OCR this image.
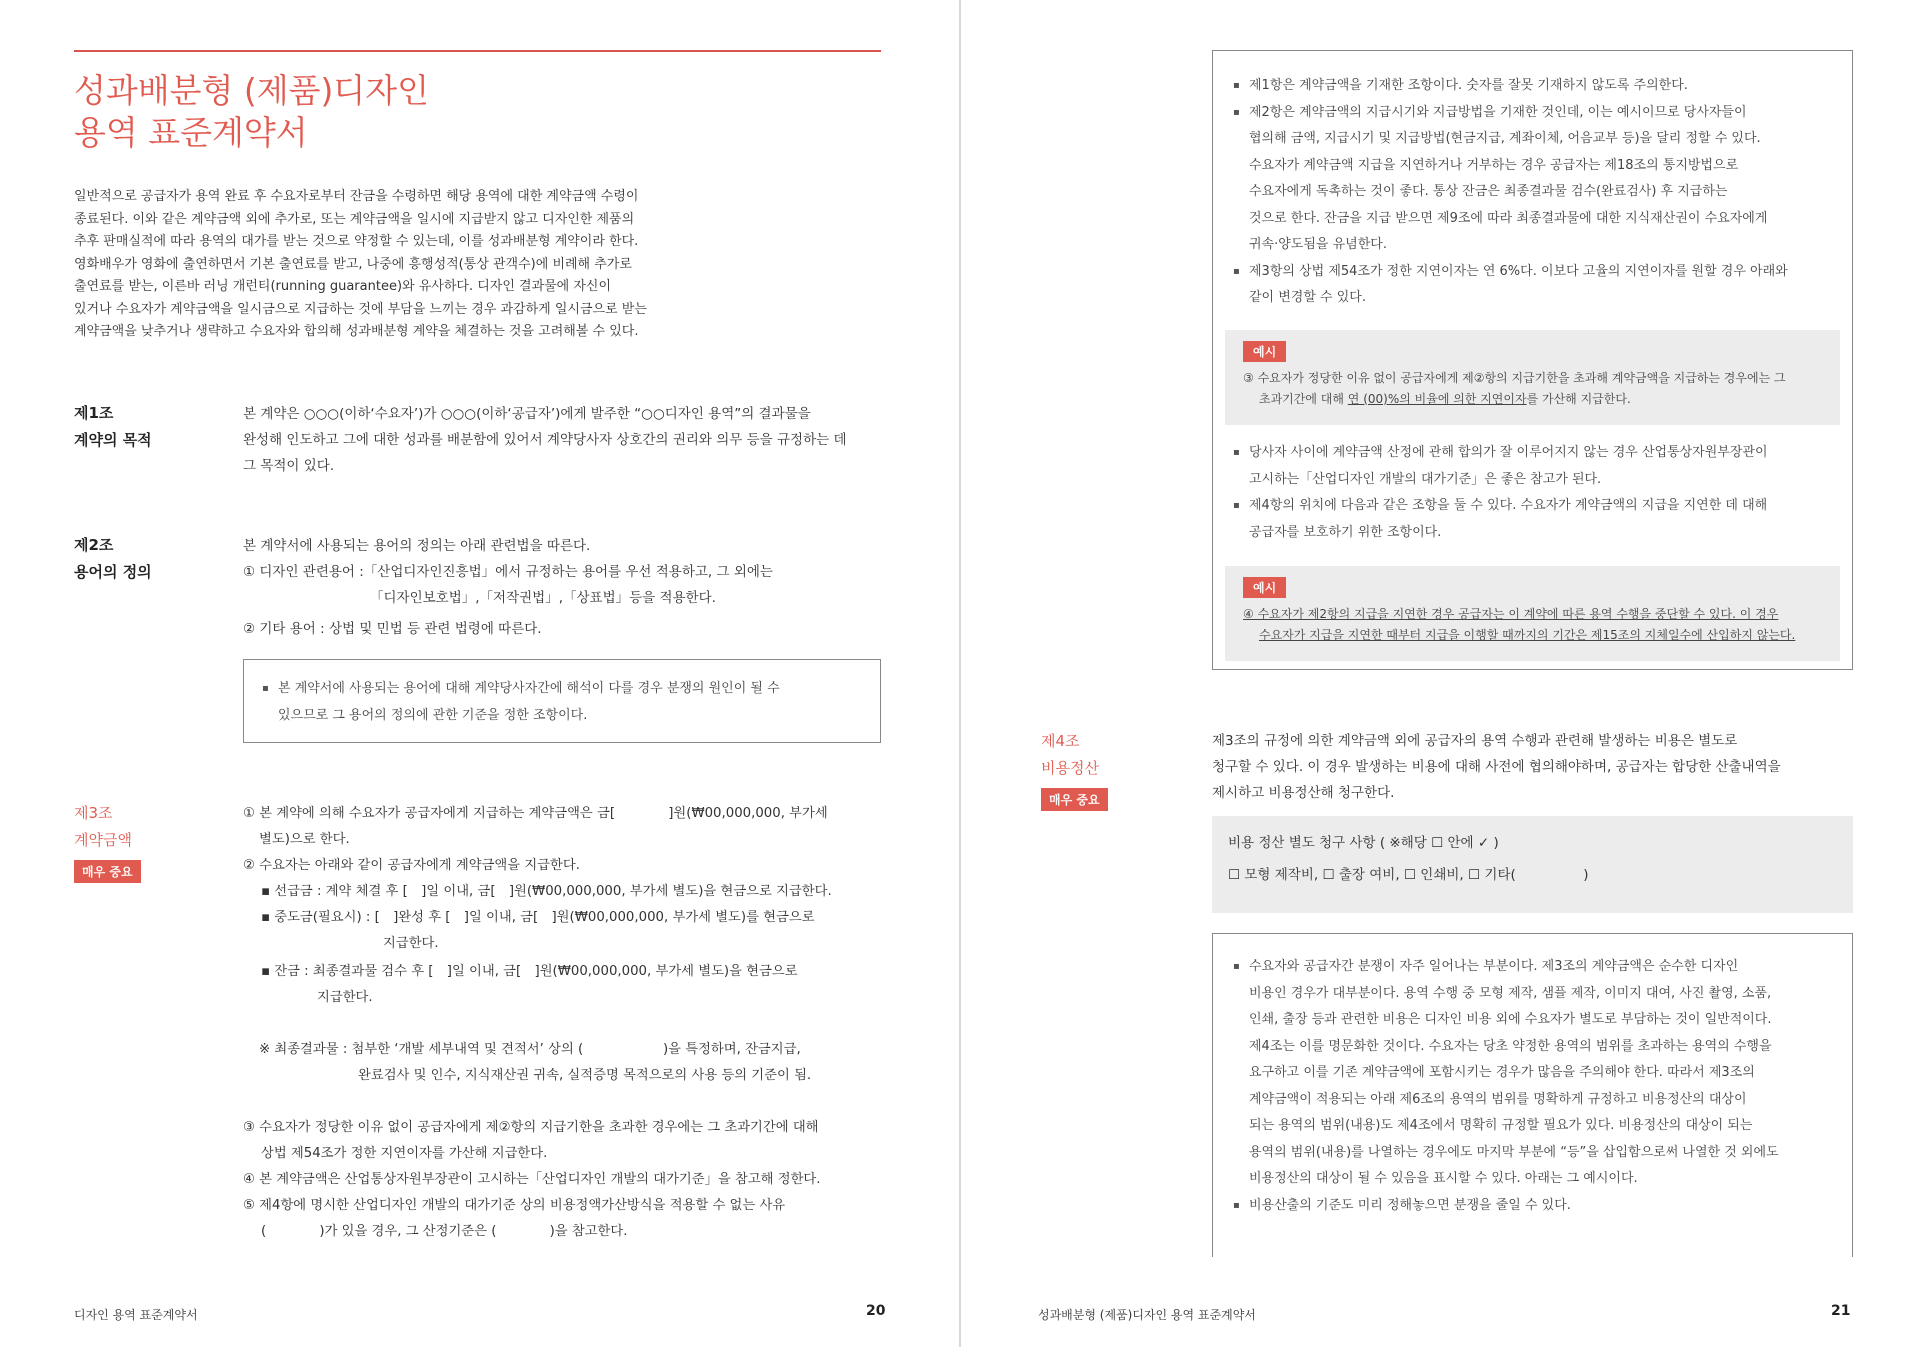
성과배분형 (제품)디자인
용역 표준계약서
일반적으로 공급자가 용역 완료 후 수요자로부터 잔금을 수령하면 해당 용역에 대한 계약금액 수령이
종료된다. 이와 같은 계약금액 외에 추가로, 또는 계약금액을 일시에 지급받지 않고 디자인한 제품의
추후 판매실적에 따라 용역의 대가를 받는 것으로 약정할 수 있는데, 이를 성과배분형 계약이라 한다.
영화배우가 영화에 출연하면서 기본 출연료를 받고, 나중에 흥행성적(통상 관객수)에 비례해 추가로
출연료를 받는, 이른바 러닝 개런티(running guarantee)와 유사하다. 디자인 결과물에 자신이
있거나 수요자가 계약금액을 일시금으로 지급하는 것에 부담을 느끼는 경우 과감하게 일시금으로 받는
계약금액을 낮추거나 생략하고 수요자와 합의해 성과배분형 계약을 체결하는 것을 고려해볼 수 있다.
제1조
계약의 목적
본 계약은 ○○○(이하‘수요자’)가 ○○○(이하‘공급자’)에게 발주한 “○○디자인 용역”의 결과물을
완성해 인도하고 그에 대한 성과를 배분함에 있어서 계약당사자 상호간의 권리와 의무 등을 규정하는 데
그 목적이 있다.
제2조
용어의 정의
본 계약서에 사용되는 용어의 정의는 아래 관련법을 따른다.
① 디자인 관련용어 :「산업디자인진흥법」에서 규정하는 용어를 우선 적용하고, 그 외에는
「디자인보호법」,「저작권법」,「상표법」등을 적용한다.
② 기타 용어 : 상법 및 민법 등 관련 법령에 따른다.
▪ 본 계약서에 사용되는 용어에 대해 계약당사자간에 해석이 다를 경우 분쟁의 원인이 될 수
있으므로 그 용어의 정의에 관한 기준을 정한 조항이다.
제3조
계약금액
매우 중요
① 본 계약에 의해 수요자가 공급자에게 지급하는 계약금액은 금[　　　　]원(₩00,000,000, 부가세
별도)으로 한다.
② 수요자는 아래와 같이 공급자에게 계약금액을 지급한다.
▪ 선급금 : 계약 체결 후 [　]일 이내, 금[　]원(₩00,000,000, 부가세 별도)을 현금으로 지급한다.
▪ 중도금(필요시) : [　]완성 후 [　]일 이내, 금[　]원(₩00,000,000, 부가세 별도)를 현금으로
지급한다.
▪ 잔금 : 최종결과물 검수 후 [　]일 이내, 금[　]원(₩00,000,000, 부가세 별도)을 현금으로
지급한다.
※ 최종결과물 : 첨부한 ‘개발 세부내역 및 견적서’ 상의 (　　　　　　)을 특정하며, 잔금지급,
완료검사 및 인수, 지식재산권 귀속, 실적증명 목적으로의 사용 등의 기준이 됨.
③ 수요자가 정당한 이유 없이 공급자에게 제②항의 지급기한을 초과한 경우에는 그 초과기간에 대해
상법 제54조가 정한 지연이자를 가산해 지급한다.
④ 본 계약금액은 산업통상자원부장관이 고시하는「산업디자인 개발의 대가기준」을 참고해 정한다.
⑤ 제4항에 명시한 산업디자인 개발의 대가기준 상의 비용정액가산방식을 적용할 수 없는 사유
(　　　　)가 있을 경우, 그 산정기준은 (　　　　)을 참고한다.
디자인 용역 표준계약서	20
▪ 제1항은 계약금액을 기재한 조항이다. 숫자를 잘못 기재하지 않도록 주의한다.
▪ 제2항은 계약금액의 지급시기와 지급방법을 기재한 것인데, 이는 예시이므로 당사자들이
협의해 금액, 지급시기 및 지급방법(현금지급, 계좌이체, 어음교부 등)을 달리 정할 수 있다.
수요자가 계약금액 지급을 지연하거나 거부하는 경우 공급자는 제18조의 통지방법으로
수요자에게 독촉하는 것이 좋다. 통상 잔금은 최종결과물 검수(완료검사) 후 지급하는
것으로 한다. 잔금을 지급 받으면 제9조에 따라 최종결과물에 대한 지식재산권이 수요자에게
귀속·양도됨을 유념한다.
▪ 제3항의 상법 제54조가 정한 지연이자는 연 6%다. 이보다 고율의 지연이자를 원할 경우 아래와
같이 변경할 수 있다.
예시
③ 수요자가 정당한 이유 없이 공급자에게 제②항의 지급기한을 초과해 계약금액을 지급하는 경우에는 그
초과기간에 대해 연 (00)%의 비율에 의한 지연이자를 가산해 지급한다.
▪ 당사자 사이에 계약금액 산정에 관해 합의가 잘 이루어지지 않는 경우 산업통상자원부장관이
고시하는「산업디자인 개발의 대가기준」은 좋은 참고가 된다.
▪ 제4항의 위치에 다음과 같은 조항을 둘 수 있다. 수요자가 계약금액의 지급을 지연한 데 대해
공급자를 보호하기 위한 조항이다.
예시
④ 수요자가 제2항의 지급을 지연한 경우 공급자는 이 계약에 따른 용역 수행을 중단할 수 있다. 이 경우
수요자가 지급을 지연한 때부터 지급을 이행할 때까지의 기간은 제15조의 지체일수에 산입하지 않는다.
제4조
비용정산
매우 중요
제3조의 규정에 의한 계약금액 외에 공급자의 용역 수행과 관련해 발생하는 비용은 별도로
청구할 수 있다. 이 경우 발생하는 비용에 대해 사전에 협의해야하며, 공급자는 합당한 산출내역을
제시하고 비용정산해 청구한다.
비용 정산 별도 청구 사항 ( ※해당 ☐ 안에 ✓ )
☐ 모형 제작비, ☐ 출장 여비, ☐ 인쇄비, ☐ 기타(　　　　　)
▪ 수요자와 공급자간 분쟁이 자주 일어나는 부분이다. 제3조의 계약금액은 순수한 디자인
비용인 경우가 대부분이다. 용역 수행 중 모형 제작, 샘플 제작, 이미지 대여, 사진 촬영, 소품,
인쇄, 출장 등과 관련한 비용은 디자인 비용 외에 수요자가 별도로 부담하는 것이 일반적이다.
제4조는 이를 명문화한 것이다. 수요자는 당초 약정한 용역의 범위를 초과하는 용역의 수행을
요구하고 이를 기존 계약금액에 포함시키는 경우가 많음을 주의해야 한다. 따라서 제3조의
계약금액이 적용되는 아래 제6조의 용역의 범위를 명확하게 규정하고 비용정산의 대상이
되는 용역의 범위(내용)도 제4조에서 명확히 규정할 필요가 있다. 비용정산의 대상이 되는
용역의 범위(내용)를 나열하는 경우에도 마지막 부분에 “등”을 삽입함으로써 나열한 것 외에도
비용정산의 대상이 될 수 있음을 표시할 수 있다. 아래는 그 예시이다.
▪ 비용산출의 기준도 미리 정해놓으면 분쟁을 줄일 수 있다.
성과배분형 (제품)디자인 용역 표준계약서	21
